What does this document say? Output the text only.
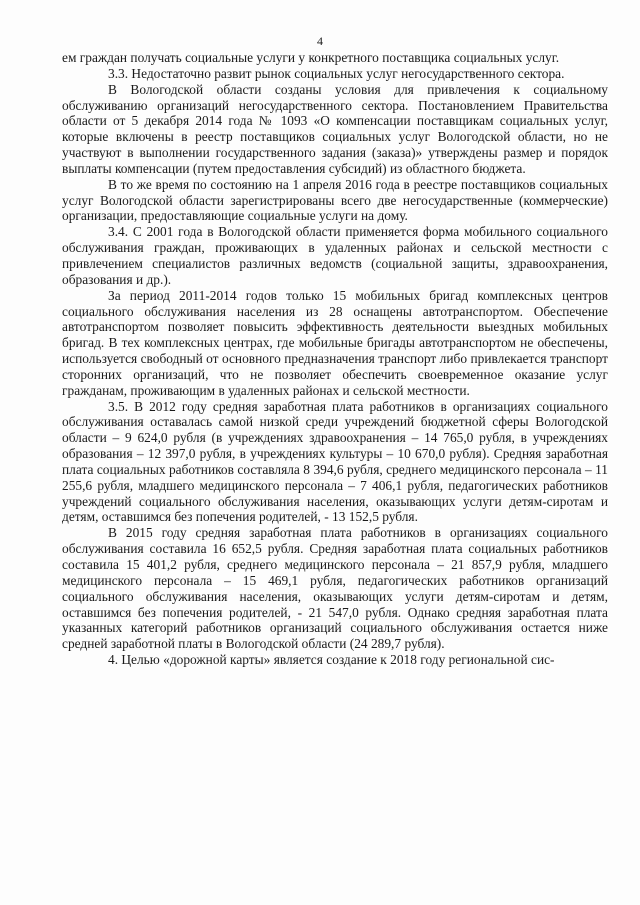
4

ем граждан получать социальные услуги у конкретного поставщика социальных услуг.

3.3. Недостаточно развит рынок социальных услуг негосударственного сектора.

В Вологодской области созданы условия для привлечения к социальному обслуживанию организаций негосударственного сектора. Постановлением Правительства области от 5 декабря 2014 года № 1093 «О компенсации поставщикам социальных услуг, которые включены в реестр поставщиков социальных услуг Вологодской области, но не участвуют в выполнении государственного задания (заказа)» утверждены размер и порядок выплаты компенсации (путем предоставления субсидий) из областного бюджета.

В то же время по состоянию на 1 апреля 2016 года в реестре поставщиков социальных услуг Вологодской области зарегистрированы всего две негосударственные (коммерческие) организации, предоставляющие социальные услуги на дому.

3.4. С 2001 года в Вологодской области применяется форма мобильного социального обслуживания граждан, проживающих в удаленных районах и сельской местности с привлечением специалистов различных ведомств (социальной защиты, здравоохранения, образования и др.).

За период 2011-2014 годов только 15 мобильных бригад комплексных центров социального обслуживания населения из 28 оснащены автотранспортом. Обеспечение автотранспортом позволяет повысить эффективность деятельности выездных мобильных бригад. В тех комплексных центрах, где мобильные бригады автотранспортом не обеспечены, используется свободный от основного предназначения транспорт либо привлекается транспорт сторонних организаций, что не позволяет обеспечить своевременное оказание услуг гражданам, проживающим в удаленных районах и сельской местности.

3.5. В 2012 году средняя заработная плата работников в организациях социального обслуживания оставалась самой низкой среди учреждений бюджетной сферы Вологодской области – 9 624,0 рубля (в учреждениях здравоохранения – 14 765,0 рубля, в учреждениях образования – 12 397,0 рубля, в учреждениях культуры – 10 670,0 рубля). Средняя заработная плата социальных работников составляла 8 394,6 рубля, среднего медицинского персонала – 11 255,6 рубля, младшего медицинского персонала – 7 406,1 рубля, педагогических работников учреждений социального обслуживания населения, оказывающих услуги детям-сиротам и детям, оставшимся без попечения родителей, - 13 152,5 рубля.

В 2015 году средняя заработная плата работников в организациях социального обслуживания составила 16 652,5 рубля. Средняя заработная плата социальных работников составила 15 401,2 рубля, среднего медицинского персонала – 21 857,9 рубля, младшего медицинского персонала – 15 469,1 рубля, педагогических работников организаций социального обслуживания населения, оказывающих услуги детям-сиротам и детям, оставшимся без попечения родителей, - 21 547,0 рубля. Однако средняя заработная плата указанных категорий работников организаций социального обслуживания остается ниже средней заработной платы в Вологодской области (24 289,7 рубля).

4. Целью «дорожной карты» является создание к 2018 году региональной сис-
